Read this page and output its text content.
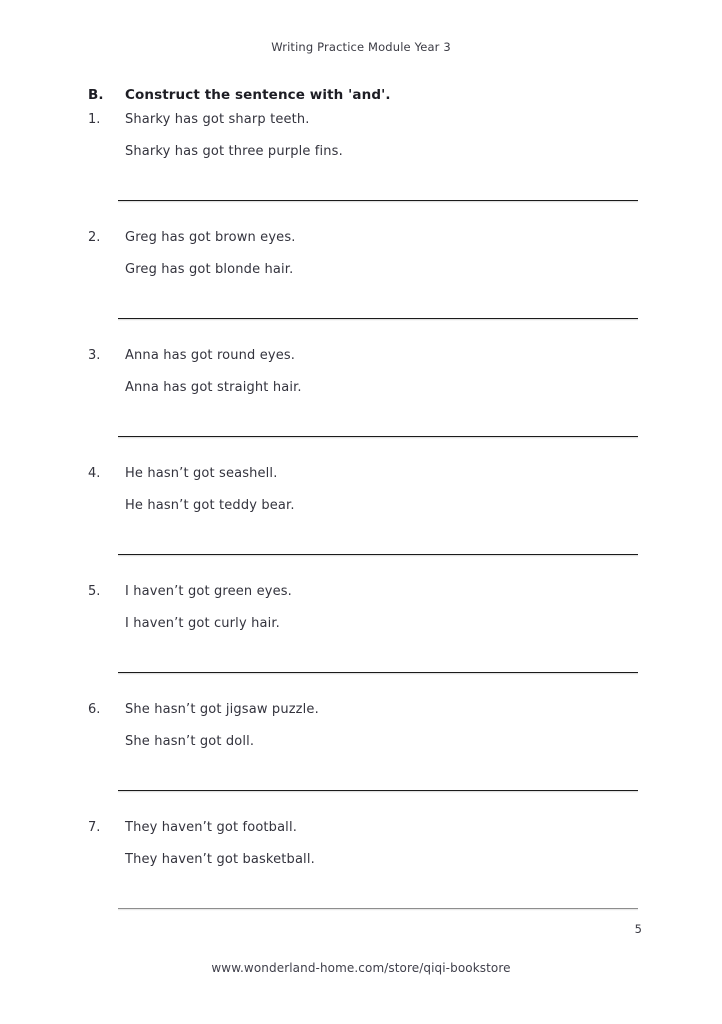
Writing Practice Module Year 3
B.	Construct the sentence with 'and'.
1.	Sharky has got sharp teeth.
Sharky has got three purple fins.
2.	Greg has got brown eyes.
Greg has got blonde hair.
3.	Anna has got round eyes.
Anna has got straight hair.
4.	He hasn’t got seashell.
He hasn’t got teddy bear.
5.	I haven’t got green eyes.
I haven’t got curly hair.
6.	She hasn’t got jigsaw puzzle.
She hasn’t got doll.
7.	They haven’t got football.
They haven’t got basketball.
5
www.wonderland-home.com/store/qiqi-bookstore
